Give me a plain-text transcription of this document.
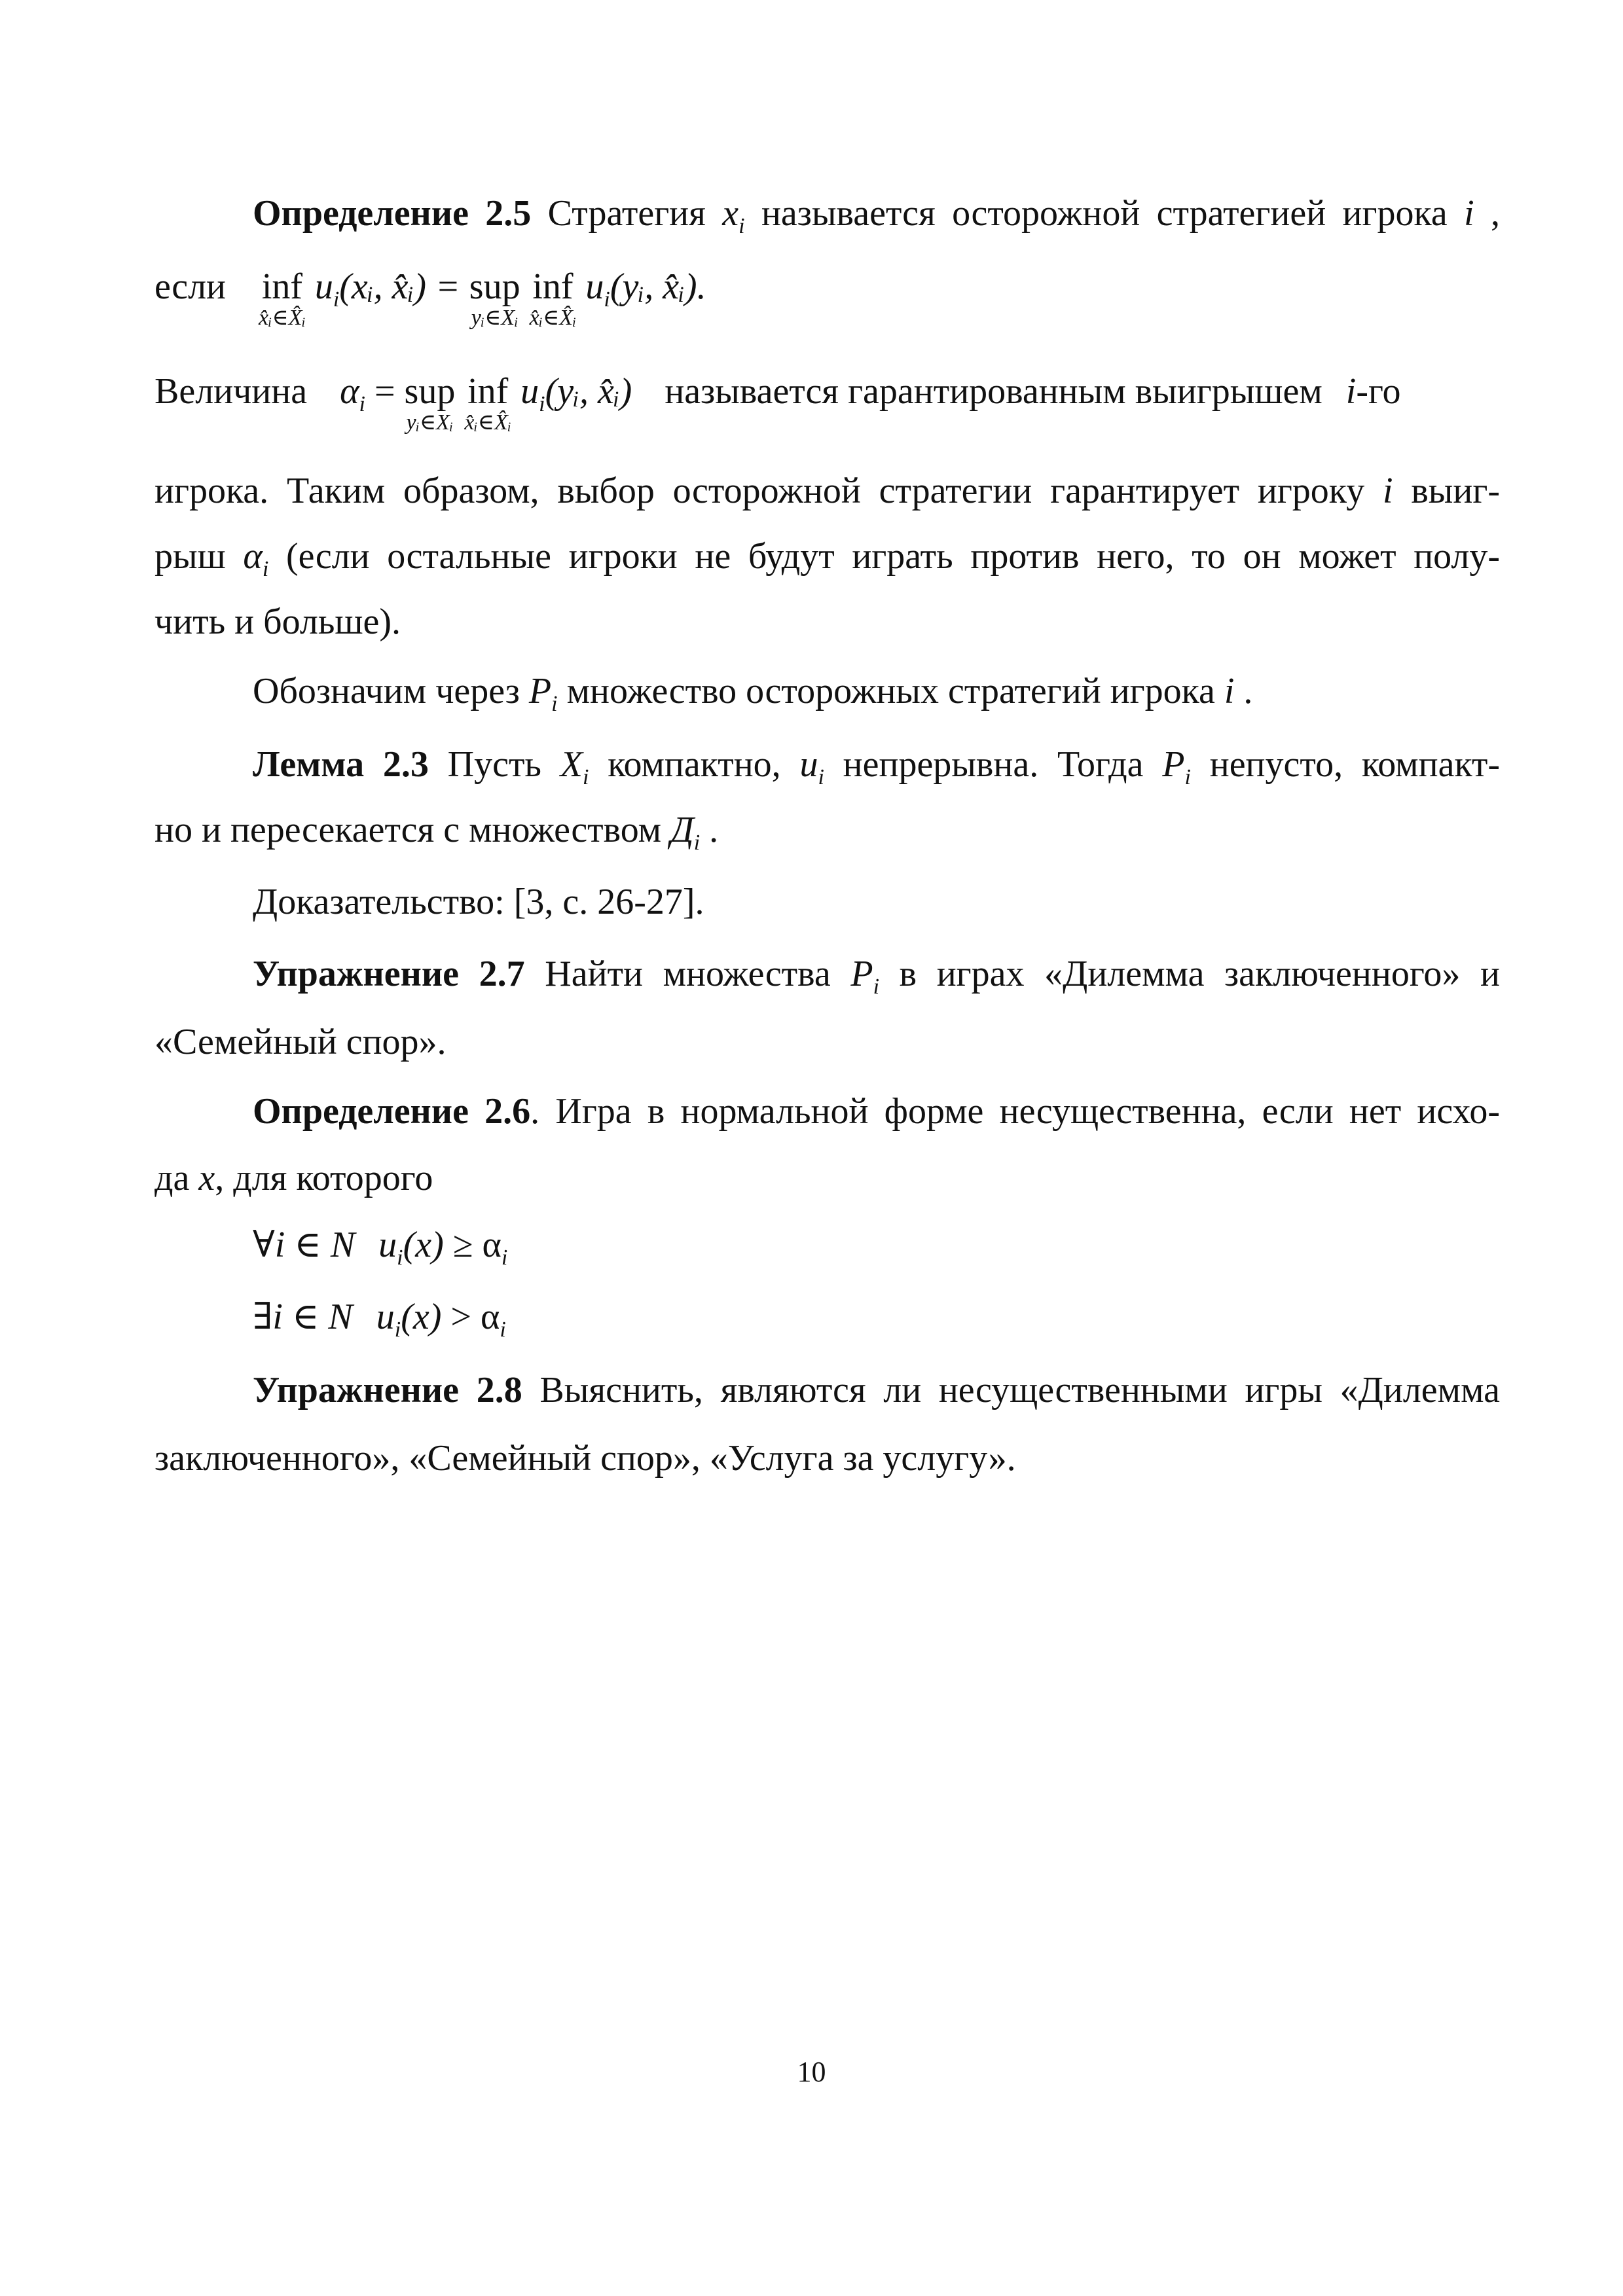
Определение 2.5 Стратегия $x_i$ называется осторожной стратегией игрока i ,
если inf
x̂ᵢ∈X̂ᵢ
$u_i(xᵢ$, x̂ᵢ) = sup
yᵢ∈Xᵢ

inf
x̂ᵢ∈X̂ᵢ
$u_i(yᵢ$, x̂ᵢ).
Величина $\alpha_i$ = sup
yᵢ∈Xᵢ

inf
x̂ᵢ∈X̂ᵢ
$u_i(yᵢ$, x̂ᵢ) называется гарантированным выигрышем i-го
игрока. Таким образом, выбор осторожной стратегии гарантирует игроку i выиг-
рыш $\alpha_i$ (если остальные игроки не будут играть против него, то он может полу-
чить и больше).
Обозначим через $P_i$ множество осторожных стратегий игрока i .
Лемма 2.3 Пусть $X_i$ компактно, $u_i$ непрерывна. Тогда $P_i$ непусто, компакт-
но и пересекается с множеством $Д_i$ .
Доказательство: [3, с. 26-27].
Упражнение 2.7 Найти множества $P_i$ в играх «Дилемма заключенного» и
«Семейный спор».
Определение 2.6. Игра в нормальной форме несущественна, если нет исхо-
да x, для которого
∀i ∈ N $u_i(x) \ge \alpha_i$
∃i ∈ N $u_i(x) > \alpha_i$
Упражнение 2.8 Выяснить, являются ли несущественными игры «Дилемма
заключенного», «Семейный спор», «Услуга за услугу».
10
